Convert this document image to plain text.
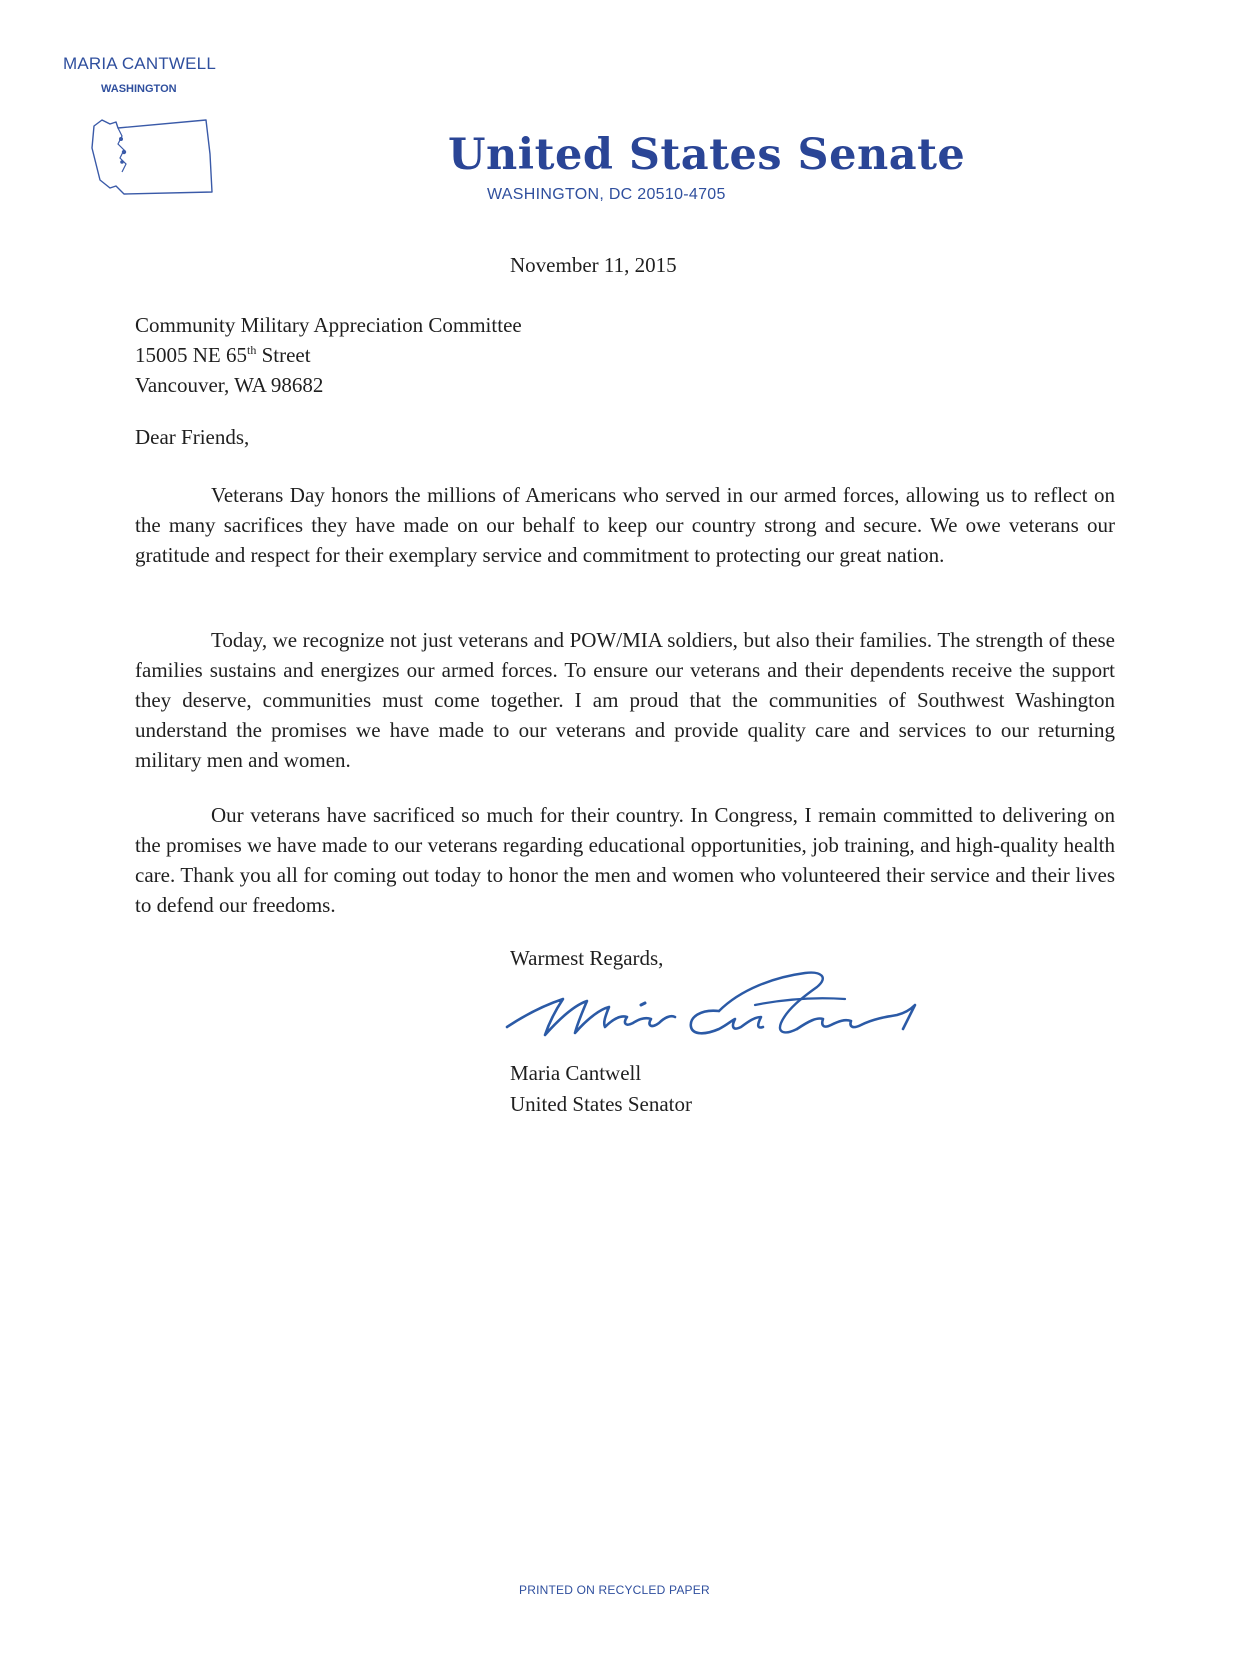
MARIA CANTWELL
WASHINGTON
United States Senate
WASHINGTON, DC 20510-4705
November 11, 2015
Community Military Appreciation Committee
15005 NE 65th Street
Vancouver, WA 98682
Dear Friends,

Veterans Day honors the millions of Americans who served in our armed forces, allowing us to reflect on the many sacrifices they have made on our behalf to keep our country strong and secure. We owe veterans our gratitude and respect for their exemplary service and commitment to protecting our great nation.

Today, we recognize not just veterans and POW/MIA soldiers, but also their families. The strength of these families sustains and energizes our armed forces. To ensure our veterans and their dependents receive the support they deserve, communities must come together. I am proud that the communities of Southwest Washington understand the promises we have made to our veterans and provide quality care and services to our returning military men and women.

Our veterans have sacrificed so much for their country. In Congress, I remain committed to delivering on the promises we have made to our veterans regarding educational opportunities, job training, and high-quality health care. Thank you all for coming out today to honor the men and women who volunteered their service and their lives to defend our freedoms.

Warmest Regards,
Maria Cantwell
United States Senator
PRINTED ON RECYCLED PAPER
